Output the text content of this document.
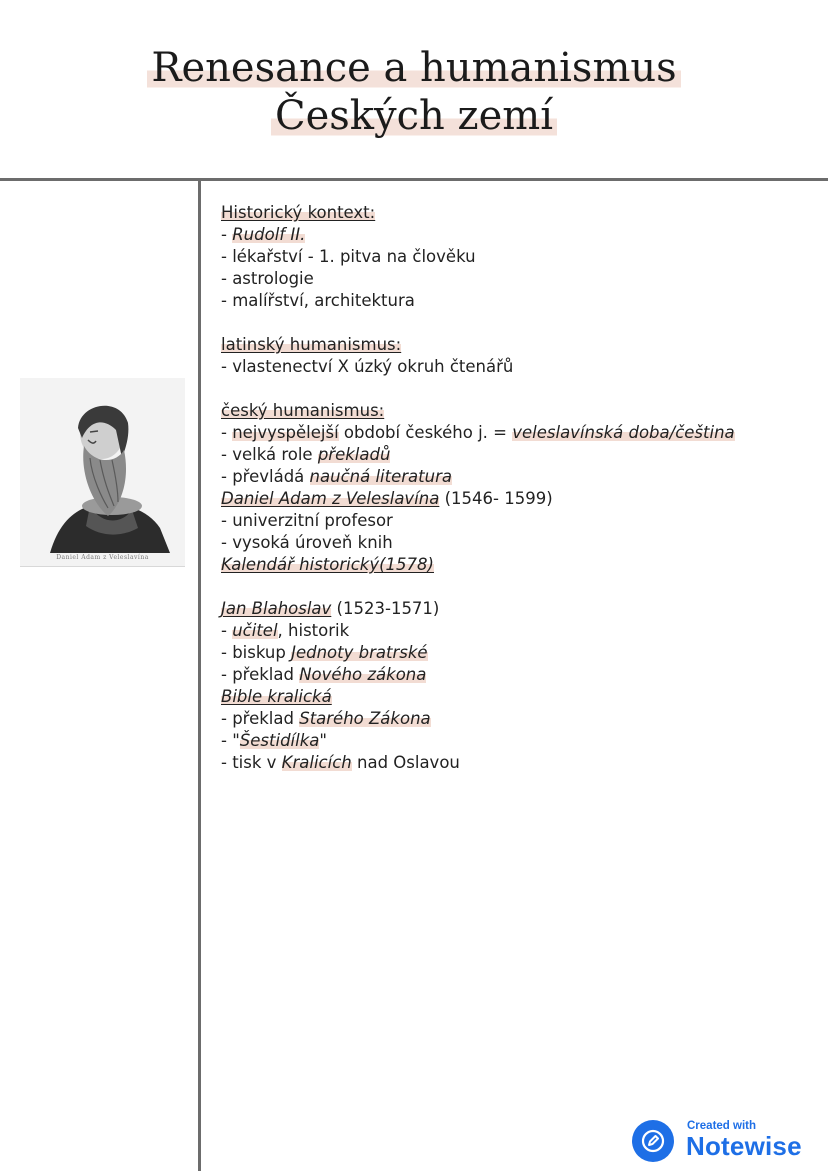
Renesance a humanismus
Českých zemí
Daniel Adam z Veleslavína
Historický kontext:
- Rudolf II.
- lékařství - 1. pitva na člověku
- astrologie
- malířství, architektura
latinský humanismus:
- vlastenectví X úzký okruh čtenářů
český humanismus:
- nejvyspělejší období českého j. = veleslavínská doba/čeština
- velká role překladů
- převládá naučná literatura
Daniel Adam z Veleslavína (1546- 1599)
- univerzitní profesor
- vysoká úroveň knih
Kalendář historický(1578)
Jan Blahoslav (1523-1571)
- učitel, historik
- biskup Jednoty bratrské
- překlad Nového zákona
Bible kralická
- překlad Starého Zákona
- "Šestidílka"
- tisk v Kralicích nad Oslavou
Created with
Notewise
